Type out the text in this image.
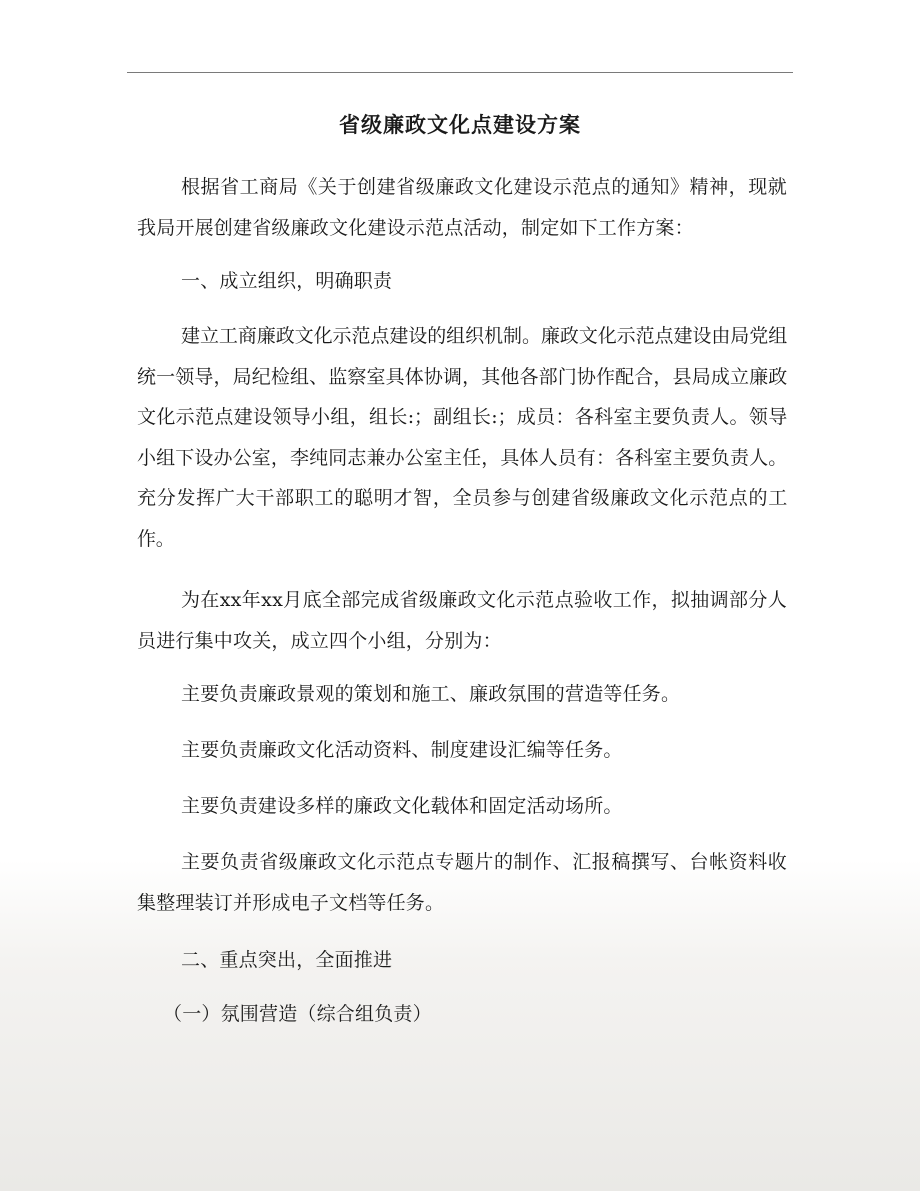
省级廉政文化点建设方案

根据省工商局《关于创建省级廉政文化建设示范点的通知》精神，现就我局开展创建省级廉政文化建设示范点活动，制定如下工作方案：

一、成立组织，明确职责

建立工商廉政文化示范点建设的组织机制。廉政文化示范点建设由局党组统一领导，局纪检组、监察室具体协调，其他各部门协作配合，县局成立廉政文化示范点建设领导小组，组长:；副组长:；成员：各科室主要负责人。领导小组下设办公室，李纯同志兼办公室主任，具体人员有：各科室主要负责人。充分发挥广大干部职工的聪明才智，全员参与创建省级廉政文化示范点的工作。

为在xx年xx月底全部完成省级廉政文化示范点验收工作，拟抽调部分人员进行集中攻关，成立四个小组，分别为：

主要负责廉政景观的策划和施工、廉政氛围的营造等任务。

主要负责廉政文化活动资料、制度建设汇编等任务。

主要负责建设多样的廉政文化载体和固定活动场所。

主要负责省级廉政文化示范点专题片的制作、汇报稿撰写、台帐资料收集整理装订并形成电子文档等任务。

二、重点突出，全面推进

（一）氛围营造（综合组负责）
